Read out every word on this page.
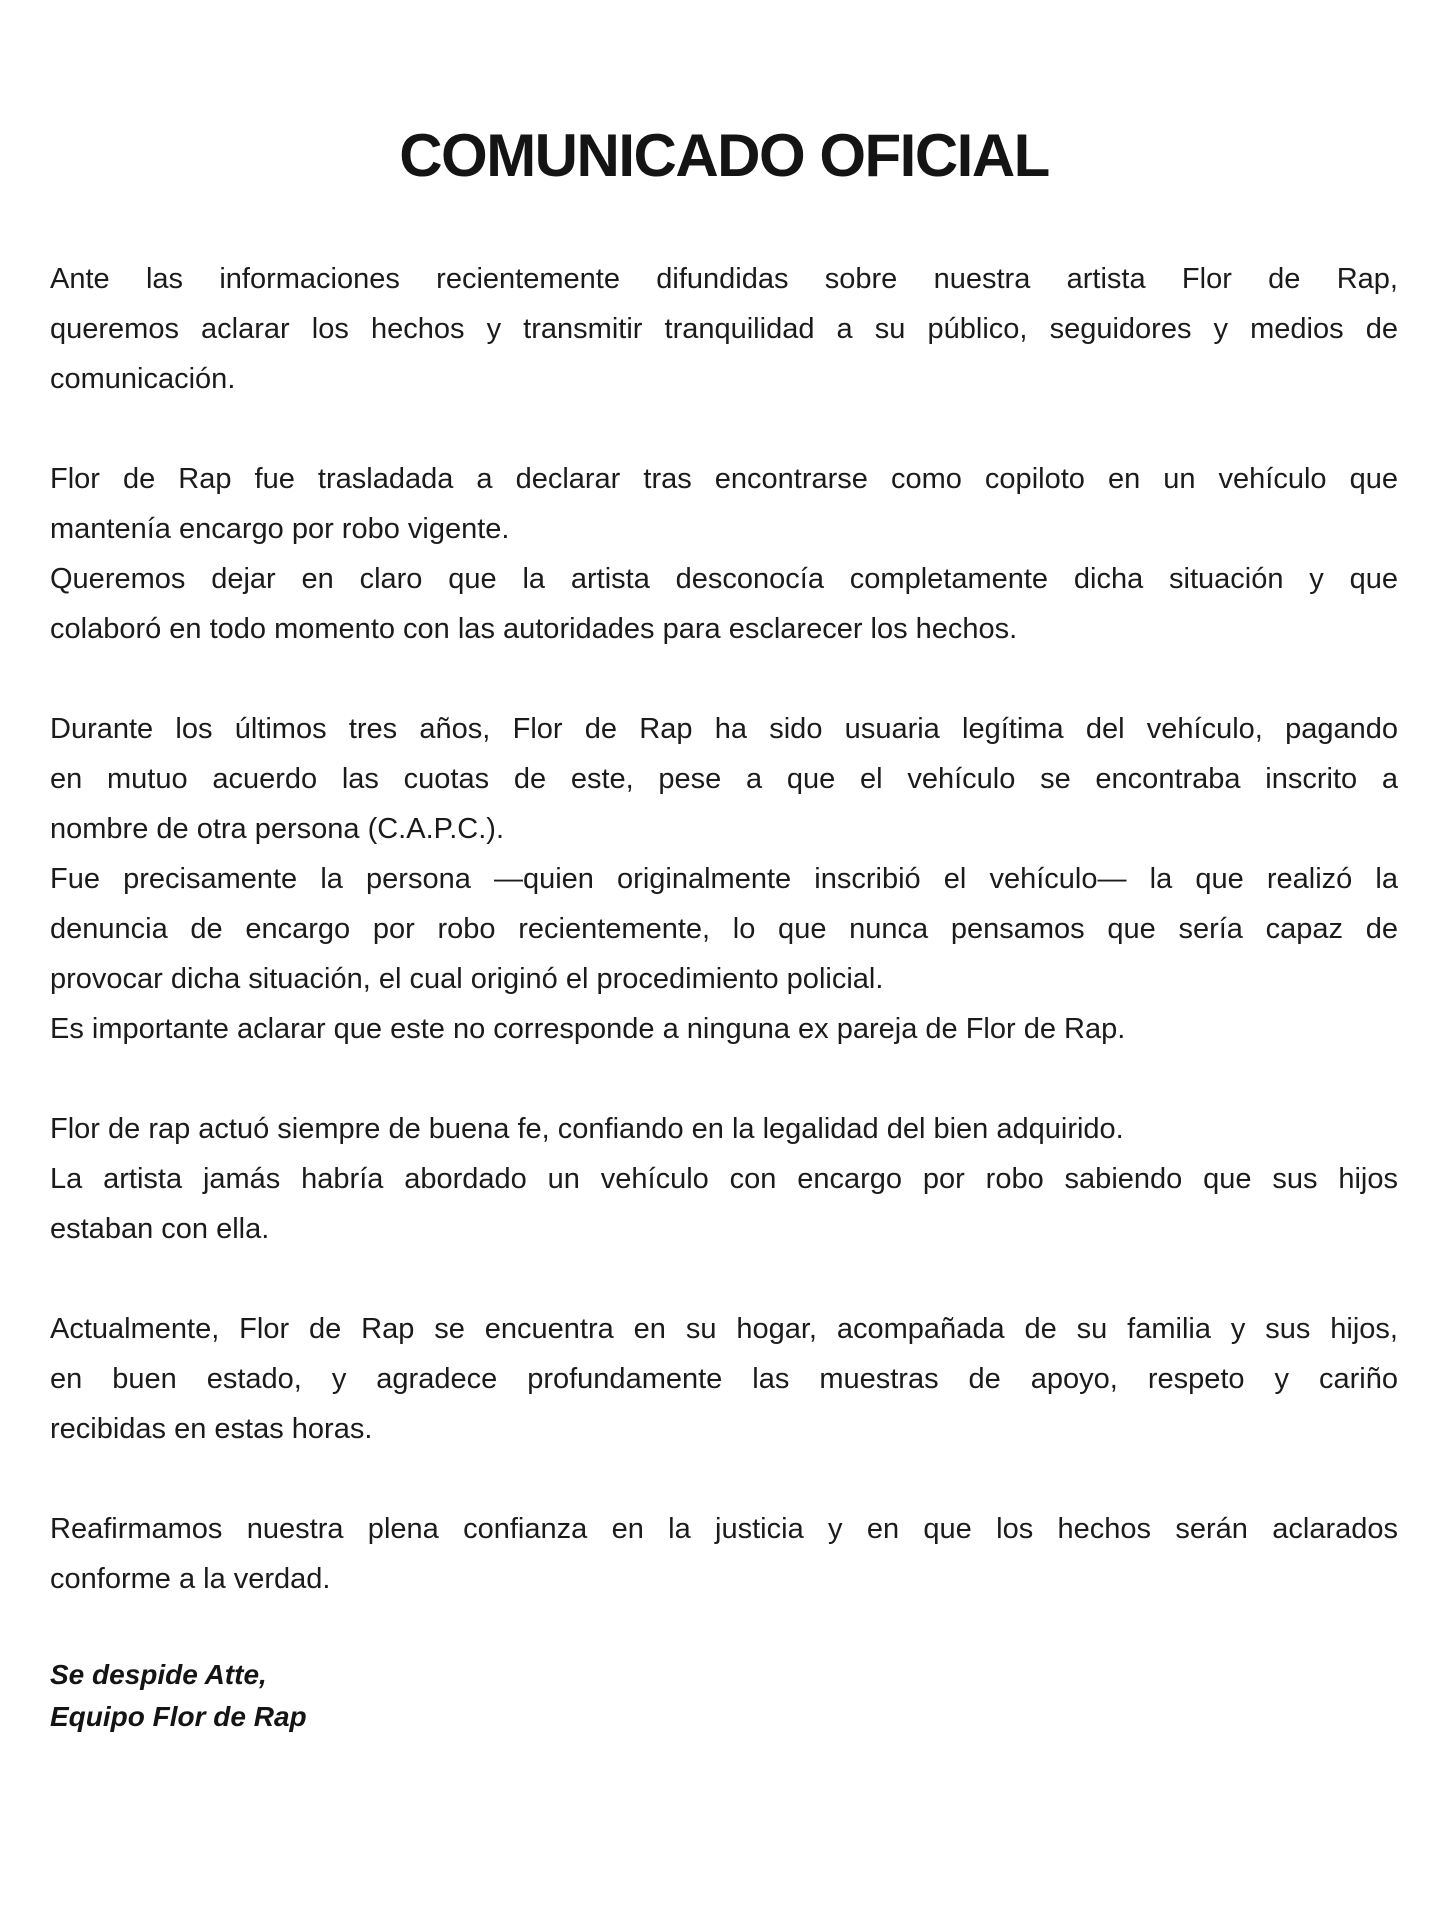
COMUNICADO OFICIAL
Ante las informaciones recientemente difundidas sobre nuestra artista Flor de Rap,
queremos aclarar los hechos y transmitir tranquilidad a su público, seguidores y medios de
comunicación.
Flor de Rap fue trasladada a declarar tras encontrarse como copiloto en un vehículo que
mantenía encargo por robo vigente.
Queremos dejar en claro que la artista desconocía completamente dicha situación y que
colaboró en todo momento con las autoridades para esclarecer los hechos.
Durante los últimos tres años, Flor de Rap ha sido usuaria legítima del vehículo, pagando
en mutuo acuerdo las cuotas de este, pese a que el vehículo se encontraba inscrito a
nombre de otra persona (C.A.P.C.).
Fue precisamente la persona —quien originalmente inscribió el vehículo— la que realizó la
denuncia de encargo por robo recientemente, lo que nunca pensamos que sería capaz de
provocar dicha situación, el cual originó el procedimiento policial.
Es importante aclarar que este no corresponde a ninguna ex pareja de Flor de Rap.
Flor de rap actuó siempre de buena fe, confiando en la legalidad del bien adquirido.
La artista jamás habría abordado un vehículo con encargo por robo sabiendo que sus hijos
estaban con ella.
Actualmente, Flor de Rap se encuentra en su hogar, acompañada de su familia y sus hijos,
en buen estado, y agradece profundamente las muestras de apoyo, respeto y cariño
recibidas en estas horas.
Reafirmamos nuestra plena confianza en la justicia y en que los hechos serán aclarados
conforme a la verdad.
Se despide Atte,
Equipo Flor de Rap
